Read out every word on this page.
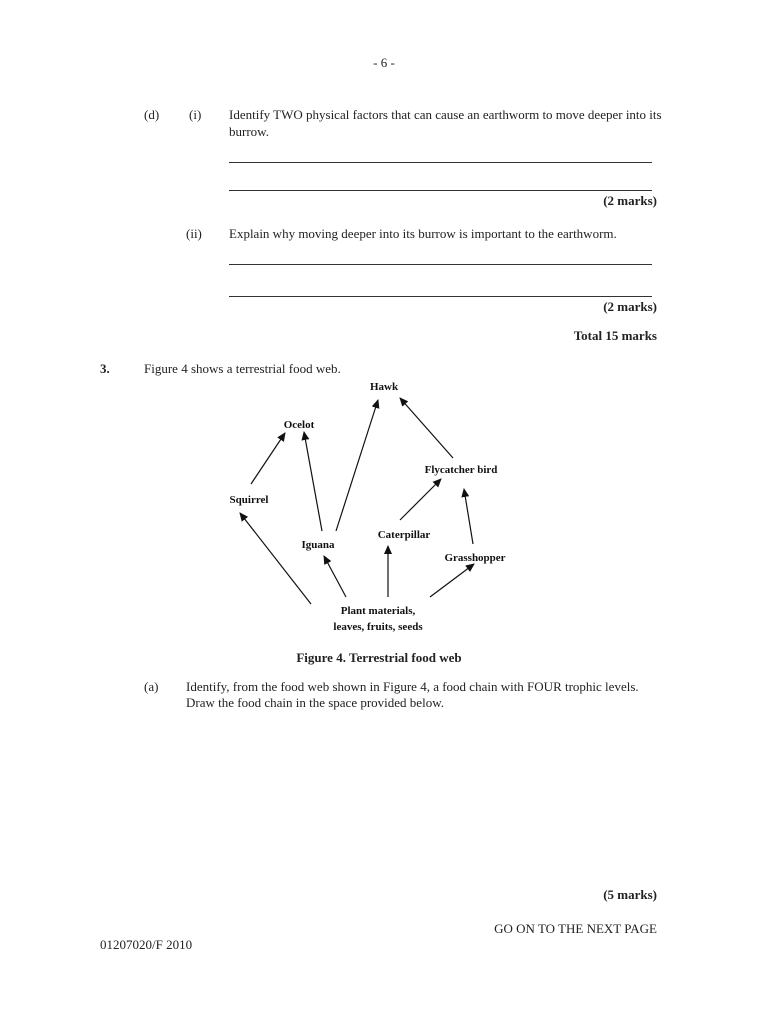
- 6 -
(d) (i) Identify TWO physical factors that can cause an earthworm to move deeper into its burrow.
(2 marks)
(ii) Explain why moving deeper into its burrow is important to the earthworm.
(2 marks)
Total 15 marks
3.	Figure 4 shows a terrestrial food web.
Hawk
Ocelot
Flycatcher bird
Squirrel
Caterpillar
Iguana
Grasshopper
Plant materials,
leaves, fruits, seeds
Figure 4. Terrestrial food web
(a) Identify, from the food web shown in Figure 4, a food chain with FOUR trophic levels.
Draw the food chain in the space provided below.
(5 marks)
GO ON TO THE NEXT PAGE
01207020/F 2010
